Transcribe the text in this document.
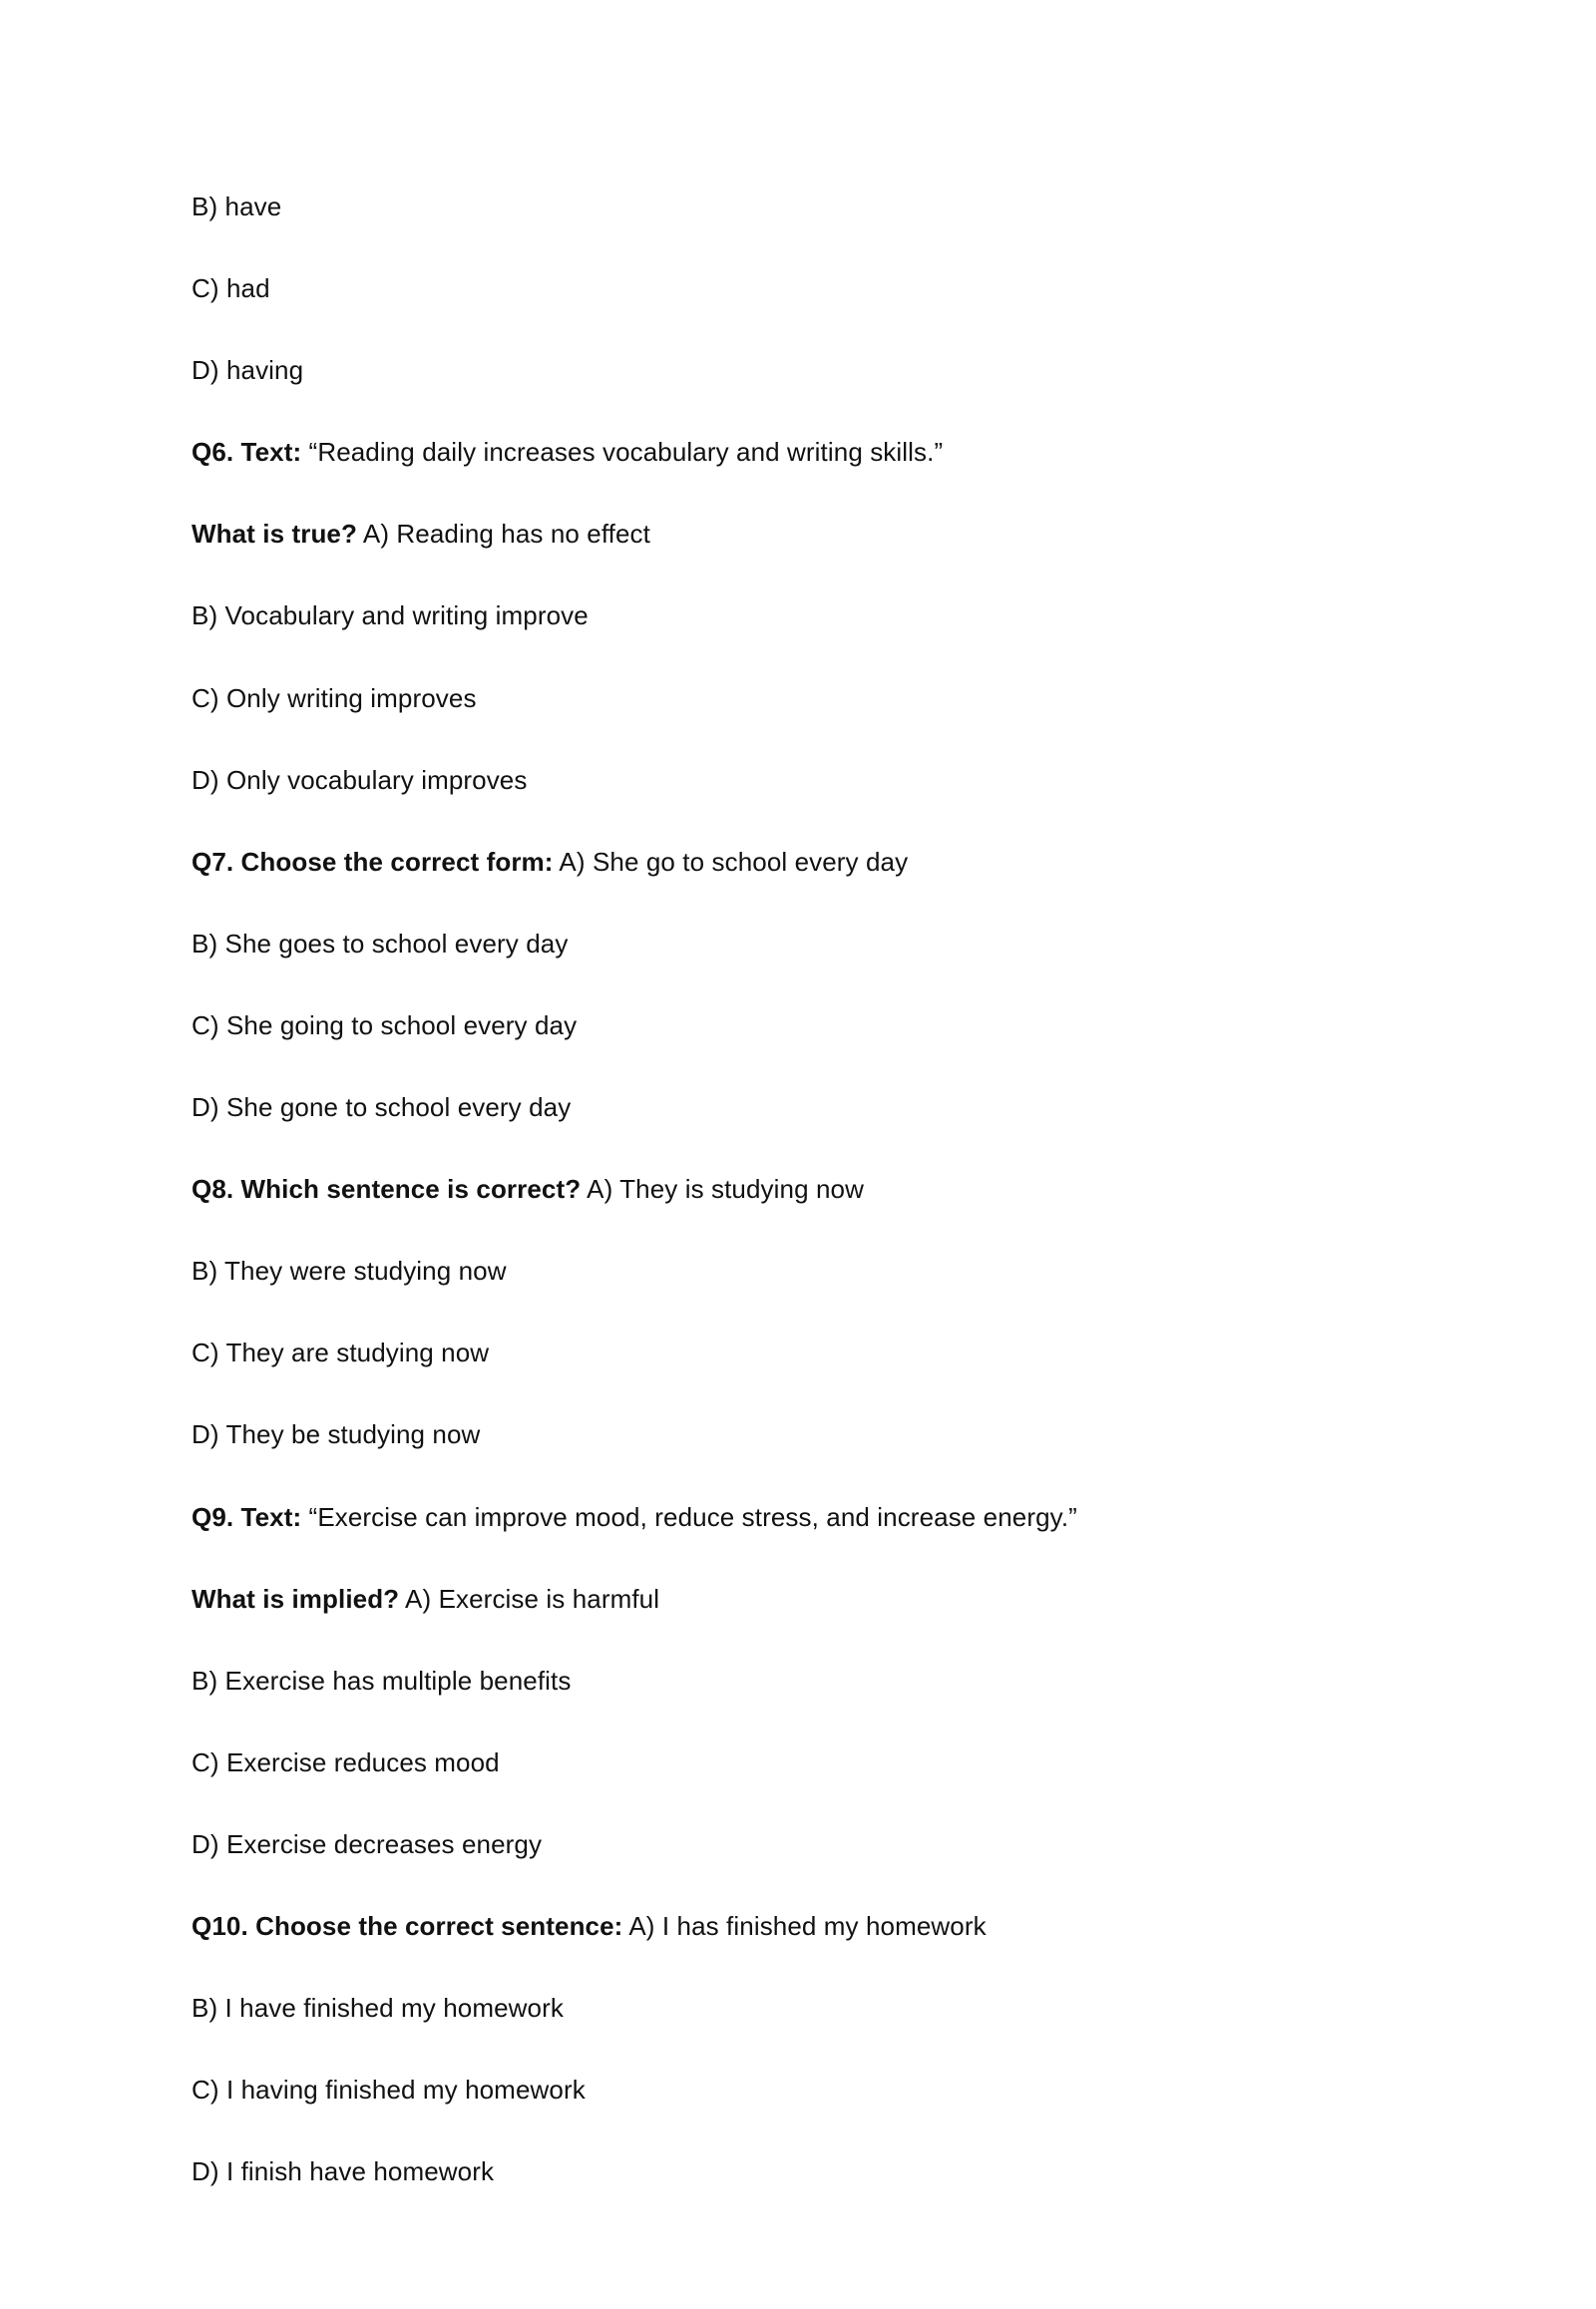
B) have

C) had

D) having

Q6. Text: “Reading daily increases vocabulary and writing skills.”

What is true? A) Reading has no effect

B) Vocabulary and writing improve

C) Only writing improves

D) Only vocabulary improves

Q7. Choose the correct form: A) She go to school every day

B) She goes to school every day

C) She going to school every day

D) She gone to school every day

Q8. Which sentence is correct? A) They is studying now

B) They were studying now

C) They are studying now

D) They be studying now

Q9. Text: “Exercise can improve mood, reduce stress, and increase energy.”

What is implied? A) Exercise is harmful

B) Exercise has multiple benefits

C) Exercise reduces mood

D) Exercise decreases energy

Q10. Choose the correct sentence: A) I has finished my homework

B) I have finished my homework

C) I having finished my homework

D) I finish have homework
